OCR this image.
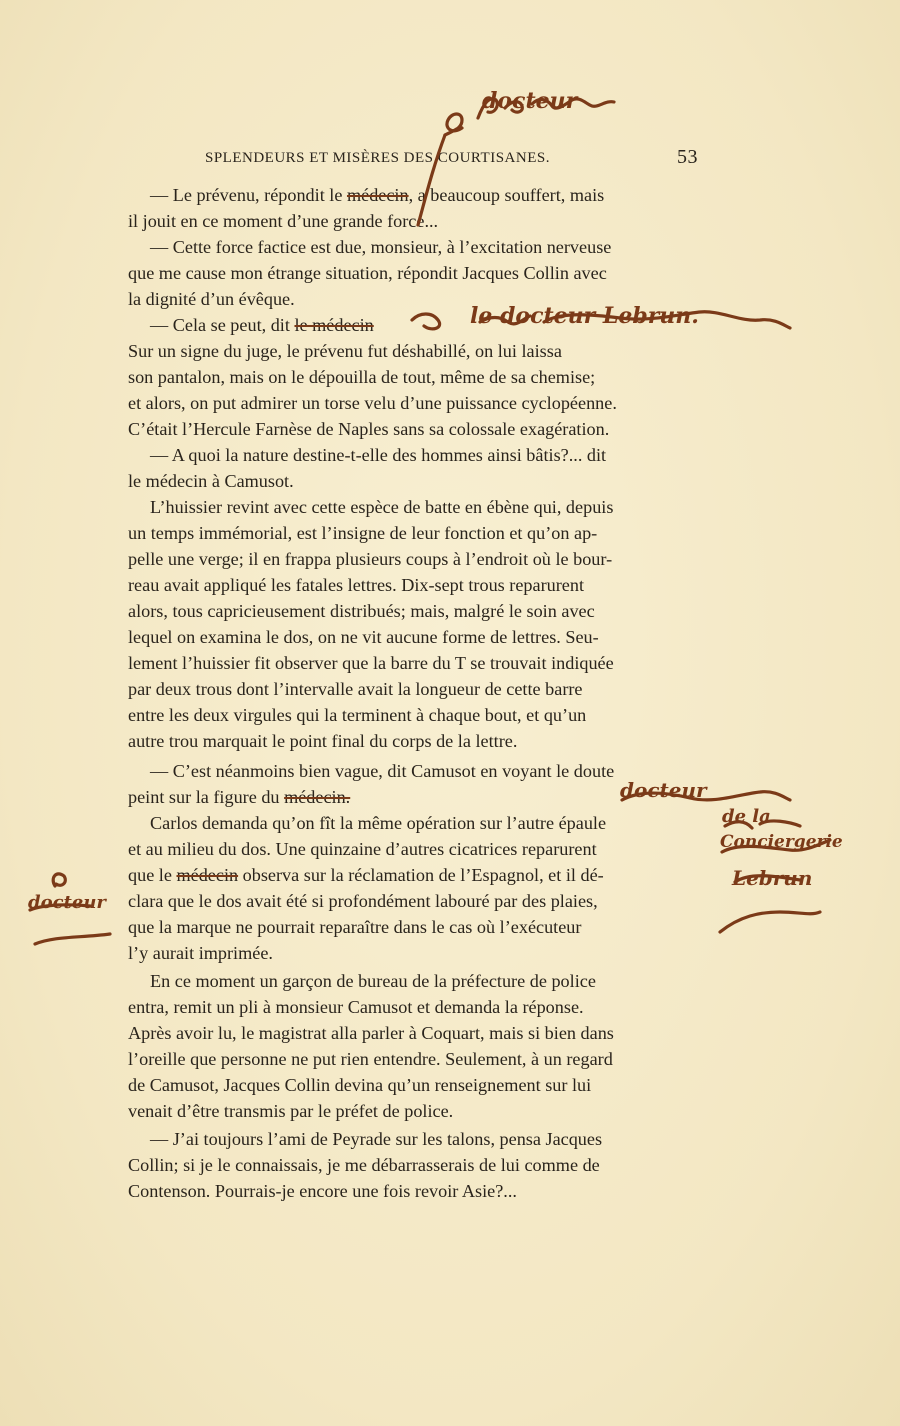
SPLENDEURS ET MISÈRES DES COURTISANES.	53
— Le prévenu, répondit le médecin, a beaucoup souffert, mais
il jouit en ce moment d’une grande force...
— Cette force factice est due, monsieur, à l’excitation nerveuse
que me cause mon étrange situation, répondit Jacques Collin avec
la dignité d’un évêque.
— Cela se peut, dit le médecin
Sur un signe du juge, le prévenu fut déshabillé, on lui laissa
son pantalon, mais on le dépouilla de tout, même de sa chemise;
et alors, on put admirer un torse velu d’une puissance cyclopéenne.
C’était l’Hercule Farnèse de Naples sans sa colossale exagération.
— A quoi la nature destine-t-elle des hommes ainsi bâtis?... dit
le médecin à Camusot.
L’huissier revint avec cette espèce de batte en ébène qui, depuis
un temps immémorial, est l’insigne de leur fonction et qu’on ap-
pelle une verge; il en frappa plusieurs coups à l’endroit où le bour-
reau avait appliqué les fatales lettres. Dix-sept trous reparurent
alors, tous capricieusement distribués; mais, malgré le soin avec
lequel on examina le dos, on ne vit aucune forme de lettres. Seu-
lement l’huissier fit observer que la barre du T se trouvait indiquée
par deux trous dont l’intervalle avait la longueur de cette barre
entre les deux virgules qui la terminent à chaque bout, et qu’un
autre trou marquait le point final du corps de la lettre.
— C’est néanmoins bien vague, dit Camusot en voyant le doute
peint sur la figure du médecin.
Carlos demanda qu’on fît la même opération sur l’autre épaule
et au milieu du dos. Une quinzaine d’autres cicatrices reparurent
que le médecin observa sur la réclamation de l’Espagnol, et il dé-
clara que le dos avait été si profondément labouré par des plaies,
que la marque ne pourrait reparaître dans le cas où l’exécuteur
l’y aurait imprimée.
En ce moment un garçon de bureau de la préfecture de police
entra, remit un pli à monsieur Camusot et demanda la réponse.
Après avoir lu, le magistrat alla parler à Coquart, mais si bien dans
l’oreille que personne ne put rien entendre. Seulement, à un regard
de Camusot, Jacques Collin devina qu’un renseignement sur lui
venait d’être transmis par le préfet de police.
— J’ai toujours l’ami de Peyrade sur les talons, pensa Jacques
Collin; si je le connaissais, je me débarrasserais de lui comme de
Contenson. Pourrais-je encore une fois revoir Asie?...
docteur
le docteur Lebrun.
docteur
de la
Conciergerie
Lebrun
docteur
